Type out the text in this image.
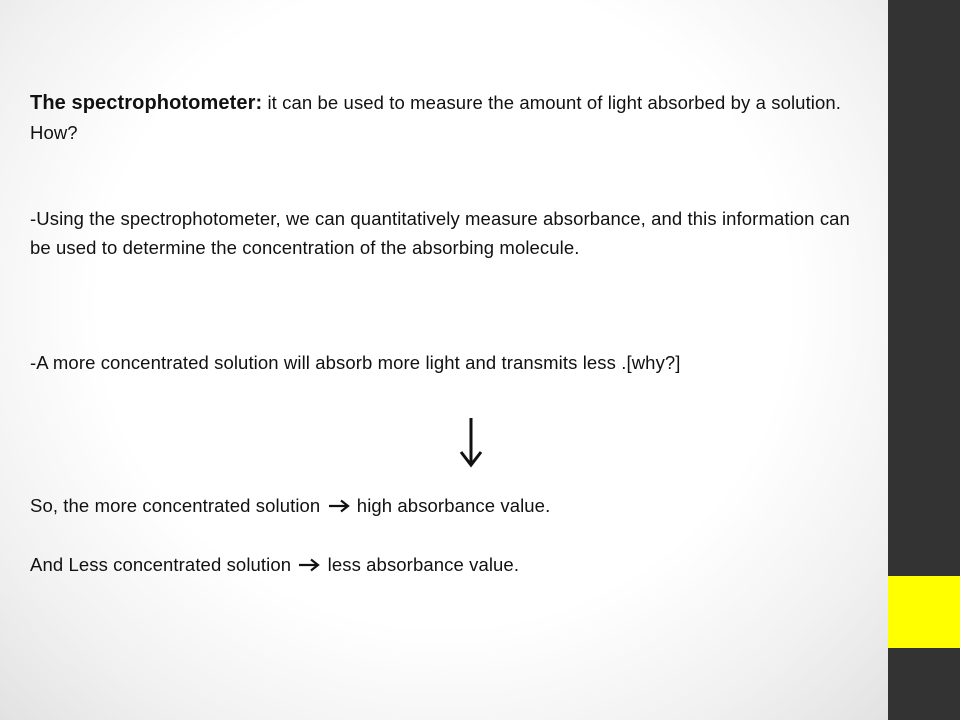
The spectrophotometer: it can be used to measure the amount of light absorbed by a solution. How?

-Using the spectrophotometer, we can quantitatively measure absorbance, and this information can be used to determine the concentration of the absorbing molecule.

-A more concentrated solution will absorb more light and transmits less .[why?]

So, the more concentrated solution  high absorbance value.

And Less concentrated solution  less absorbance value.
